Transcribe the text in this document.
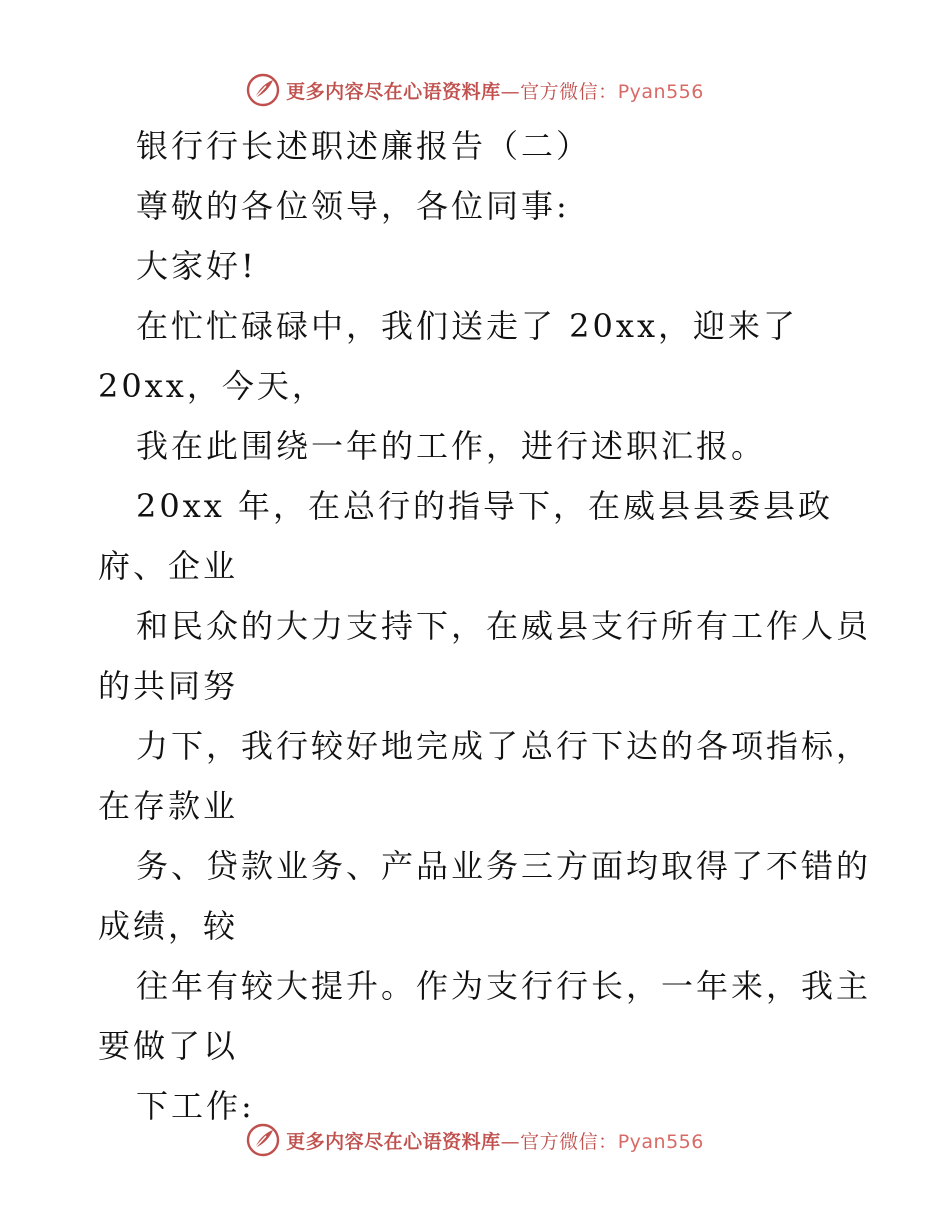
更多内容尽在心语资料库—官方微信：Pyan556

银行行长述职述廉报告（二）

尊敬的各位领导，各位同事:

大家好!

在忙忙碌碌中，我们送走了 20xx，迎来了

20xx，今天，

我在此围绕一年的工作，进行述职汇报。

20xx 年，在总行的指导下，在威县县委县政

府、企业

和民众的大力支持下，在威县支行所有工作人员

的共同努

力下，我行较好地完成了总行下达的各项指标，

在存款业

务、贷款业务、产品业务三方面均取得了不错的

成绩，较

往年有较大提升。作为支行行长，一年来，我主

要做了以

下工作:

更多内容尽在心语资料库—官方微信：Pyan556
